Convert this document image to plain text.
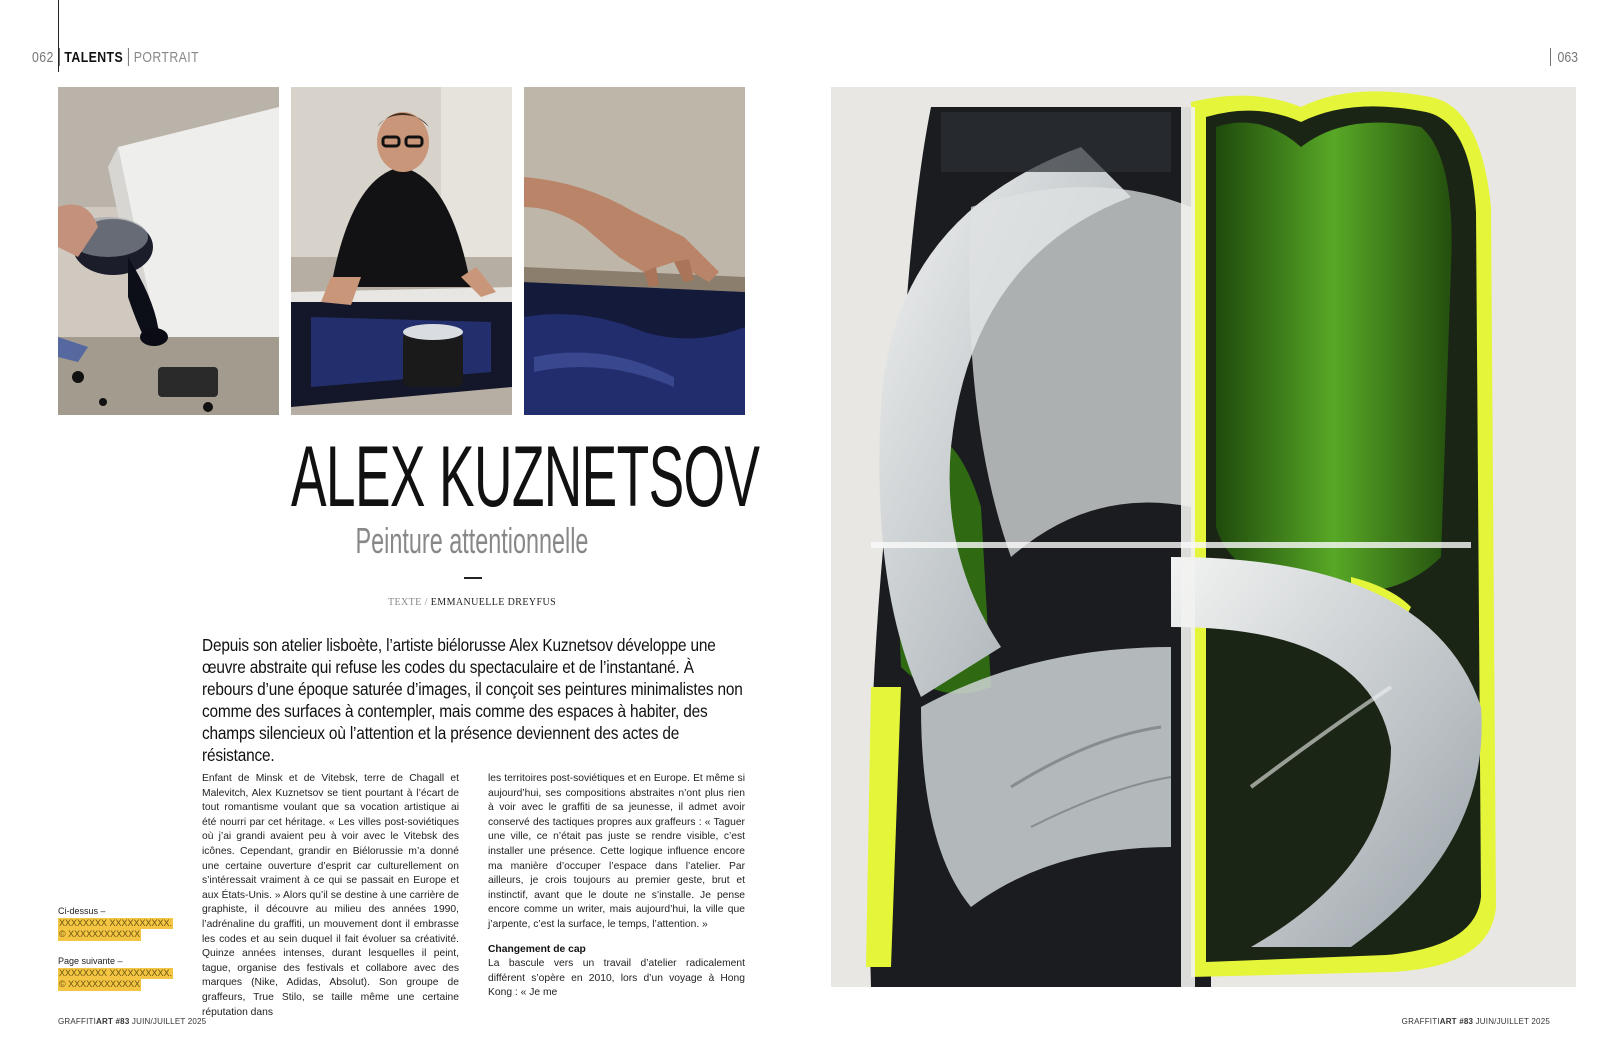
062 TALENTS PORTRAIT	063
ALEX KUZNETSOV
Peinture attentionnelle
TEXTE / EMMANUELLE DREYFUS
Depuis son atelier lisboète, l’artiste biélorusse Alex Kuznetsov développe une œuvre abstraite qui refuse les codes du spectaculaire et de l’instantané. À rebours d’une époque saturée d’images, il conçoit ses peintures minimalistes non comme des surfaces à contempler, mais comme des espaces à habiter, des champs silencieux où l’attention et la présence deviennent des actes de résistance.
Enfant de Minsk et de Vitebsk, terre de Chagall et Malevitch, Alex Kuznetsov se tient pourtant à l’écart de tout romantisme voulant que sa vocation artistique ai été nourri par cet héritage. « Les villes post-soviétiques où j’ai grandi avaient peu à voir avec le Vitebsk des icônes. Cependant, grandir en Biélorussie m’a donné une certaine ouverture d’esprit car culturellement on s’intéressait vraiment à ce qui se passait en Europe et aux États-Unis. » Alors qu’il se destine à une carrière de graphiste, il découvre au milieu des années 1990, l’adrénaline du graffiti, un mouvement dont il embrasse les codes et au sein duquel il fait évoluer sa créativité. Quinze années intenses, durant lesquelles il peint, tague, organise des festivals et collabore avec des marques (Nike, Adidas, Absolut). Son groupe de graffeurs, True Stilo, se taille même une certaine réputation dans
les territoires post-soviétiques et en Europe. Et même si aujourd’hui, ses compositions abstraites n’ont plus rien à voir avec le graffiti de sa jeunesse, il admet avoir conservé des tactiques propres aux graffeurs : « Taguer une ville, ce n’était pas juste se rendre visible, c’est installer une présence. Cette logique influence encore ma manière d’occuper l’espace dans l’atelier. Par ailleurs, je crois toujours au premier geste, brut et instinctif, avant que le doute ne s’installe. Je pense encore comme un writer, mais aujourd’hui, la ville que j’arpente, c’est la surface, le temps, l’attention. »
Changement de cap
La bascule vers un travail d’atelier radicalement différent s’opère en 2010, lors d’un voyage à Hong Kong : « Je me
Ci-dessus –
XXXXXXXX XXXXXXXXXX.
© XXXXXXXXXXXX
Page suivante –
XXXXXXXX XXXXXXXXXX.
© XXXXXXXXXXXX
GRAFFITIART #83 JUIN/JUILLET 2025	GRAFFITIART #83 JUIN/JUILLET 2025
